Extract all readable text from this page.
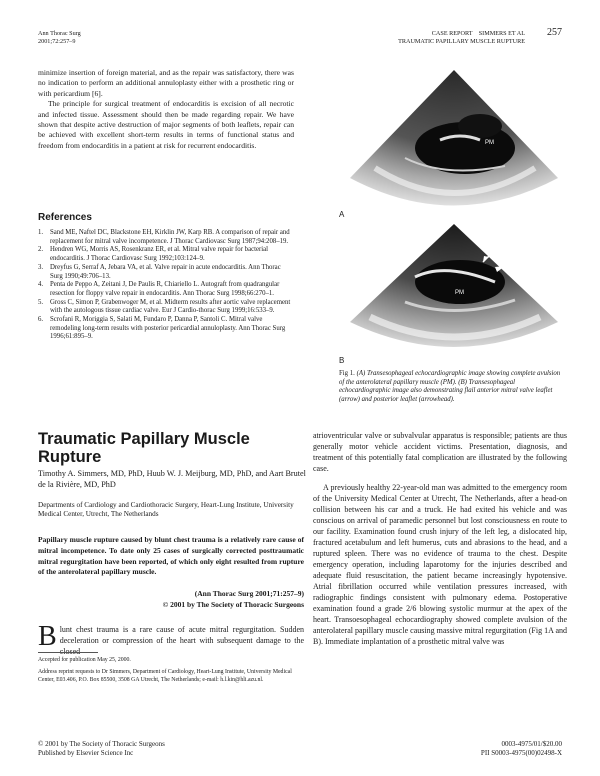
Ann Thorac Surg
2001;72:257–9
CASE REPORT SIMMERS ET AL
TRAUMATIC PAPILLARY MUSCLE RUPTURE
257

minimize insertion of foreign material, and as the repair was satisfactory, there was no indication to perform an additional annuloplasty either with a prosthetic ring or with pericardium [6].

The principle for surgical treatment of endocarditis is excision of all necrotic and infected tissue. Assessment should then be made regarding repair. We have shown that despite active destruction of major segments of both leaflets, repair can be achieved with excellent short-term results in terms of functional status and freedom from endocarditis in a patient at risk for recurrent endocarditis.

References
1.	Sand ME, Naftel DC, Blackstone EH, Kirklin JW, Karp RB. A comparison of repair and replacement for mitral valve incompetence. J Thorac Cardiovasc Surg 1987;94:208–19.
2.	Hendren WG, Morris AS, Rosenkranz ER, et al. Mitral valve repair for bacterial endocarditis. J Thorac Cardiovasc Surg 1992;103:124–9.
3.	Dreyfus G, Serraf A, Jebara VA, et al. Valve repair in acute endocarditis. Ann Thorac Surg 1990;49:706–13.
4.	Penta de Peppo A, Zeitani J, De Paulis R, Chiariello L. Autograft from quadrangular resection for floppy valve repair in endocarditis. Ann Thorac Surg 1998;66:270–1.
5.	Gross C, Simon P, Grabenwoger M, et al. Midterm results after aortic valve replacement with the autologous tissue cardiac valve. Eur J Cardio-thorac Surg 1999;16:533–9.
6.	Scrofani R, Moriggia S, Salati M, Fundaro P, Danna P, Santoli C. Mitral valve remodeling long-term results with posterior pericardial annuloplasty. Ann Thorac Surg 1996;61:895–9.
PM
A
PM
B
Fig 1. (A) Transesophageal echocardiographic image showing complete avulsion of the anterolateral papillary muscle (PM). (B) Transesophageal echocardiographic image also demonstrating flail anterior mitral valve leaflet (arrow) and posterior leaflet (arrowhead).
Traumatic Papillary Muscle Rupture
Timothy A. Simmers, MD, PhD, Huub W. J. Meijburg, MD, PhD, and Aart Brutel de la Rivière, MD, PhD
Departments of Cardiology and Cardiothoracic Surgery, Heart-Lung Institute, University Medical Center, Utrecht, The Netherlands
Papillary muscle rupture caused by blunt chest trauma is a relatively rare cause of mitral incompetence. To date only 25 cases of surgically corrected posttraumatic mitral regurgitation have been reported, of which only eight resulted from rupture of the anterolateral papillary muscle.
(Ann Thorac Surg 2001;71:257–9)
© 2001 by The Society of Thoracic Surgeons
Blunt chest trauma is a rare cause of acute mitral regurgitation. Sudden deceleration or compression of the heart with subsequent damage to the closed
Accepted for publication May 25, 2000.
Address reprint requests to Dr Simmers, Department of Cardiology, Heart-Lung Institute, University Medical Center, E03.406, P.O. Box 85500, 3508 GA Utrecht, The Netherlands; e-mail: h.l.kin@hli.azu.nl.

atrioventricular valve or subvalvular apparatus is responsible; patients are thus generally motor vehicle accident victims. Presentation, diagnosis, and treatment of this potentially fatal complication are illustrated by the following case.

A previously healthy 22-year-old man was admitted to the emergency room of the University Medical Center at Utrecht, The Netherlands, after a head-on collision between his car and a truck. He had exited his vehicle and was conscious on arrival of paramedic personnel but lost consciousness en route to our facility. Examination found crush injury of the left leg, a dislocated hip, fractured acetabulum and left humerus, cuts and abrasions to the head, and a ruptured spleen. There was no evidence of trauma to the chest. Despite emergency operation, including laparotomy for the injuries described and adequate fluid resuscitation, the patient became increasingly hypotensive. Atrial fibrillation occurred while ventilation pressures increased, with radiographic findings consistent with pulmonary edema. Postoperative examination found a grade 2/6 blowing systolic murmur at the apex of the heart. Transoesophageal echocardiography showed complete avulsion of the anterolateral papillary muscle causing massive mitral regurgitation (Fig 1A and B). Immediate implantation of a prosthetic mitral valve was

© 2001 by The Society of Thoracic Surgeons
Published by Elsevier Science Inc
0003-4975/01/$20.00
PII S0003-4975(00)02498-X
